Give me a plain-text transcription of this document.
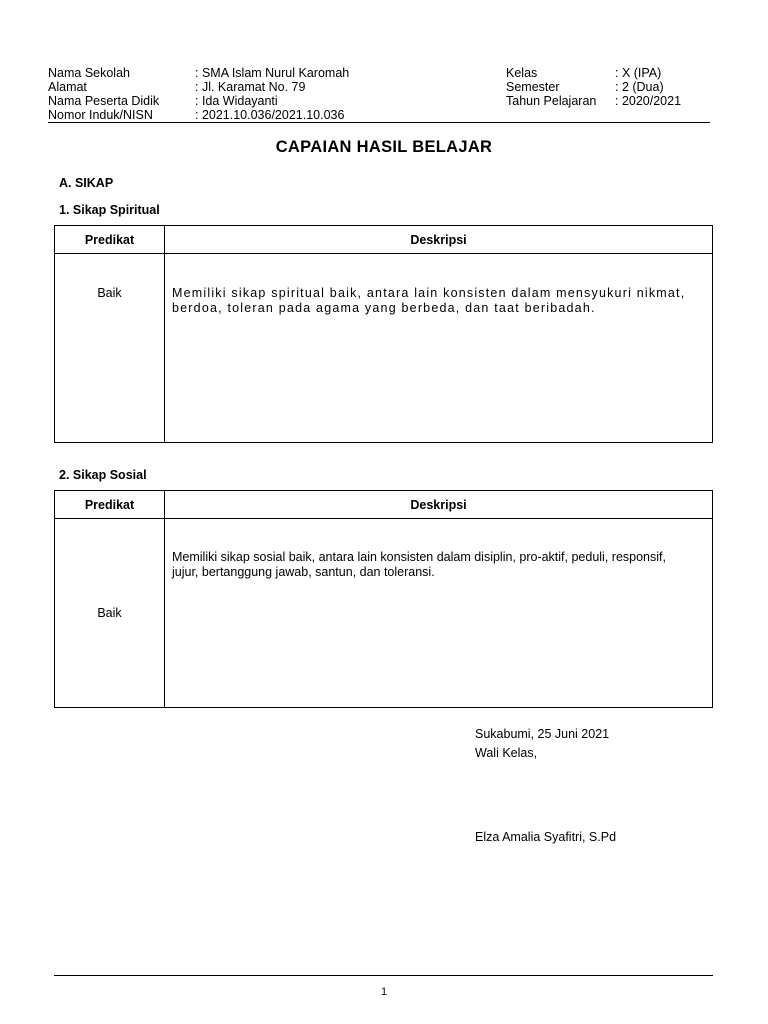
Nama Sekolah	: SMA Islam Nurul Karomah
Alamat	: Jl. Karamat No. 79
Nama Peserta Didik	: Ida Widayanti
Nomor Induk/NISN	: 2021.10.036/2021.10.036
Kelas	: X (IPA)
Semester	: 2 (Dua)
Tahun Pelajaran : 2020/2021
CAPAIAN HASIL BELAJAR
A. SIKAP
1. Sikap Spiritual
Predikat	Deskripsi
Baik	Memiliki sikap spiritual baik, antara lain konsisten dalam mensyukuri nikmat,
berdoa, toleran pada agama yang berbeda, dan taat beribadah.
2. Sikap Sosial
Predikat	Deskripsi
Baik	Memiliki sikap sosial baik, antara lain konsisten dalam disiplin, pro-aktif, peduli, responsif,
jujur, bertanggung jawab, santun, dan toleransi.
Sukabumi, 25 Juni 2021
Wali Kelas,
Elza Amalia Syafitri, S.Pd
1
